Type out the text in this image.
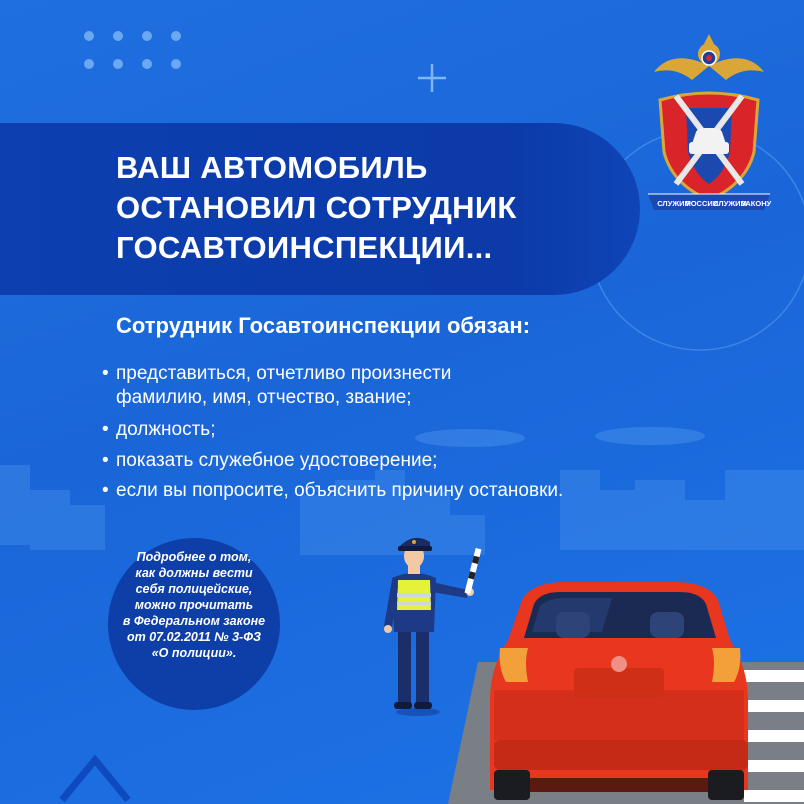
ВАШ АВТОМОБИЛЬ
ОСТАНОВИЛ СОТРУДНИК
ГОСАВТОИНСПЕКЦИИ...
Сотрудник Госавтоинспекции обязан:
• представиться, отчетливо произнести
фамилию, имя, отчество, звание;
• должность;
• показать служебное удостоверение;
• если вы попросите, объяснить причину остановки.
Подробнее о том,
как должны вести
себя полицейские,
можно прочитать
в Федеральном законе
от 07.02.2011 № 3-ФЗ
«О полиции».
СЛУЖИМ
РОССИИ
СЛУЖИМ
ЗАКОНУ
